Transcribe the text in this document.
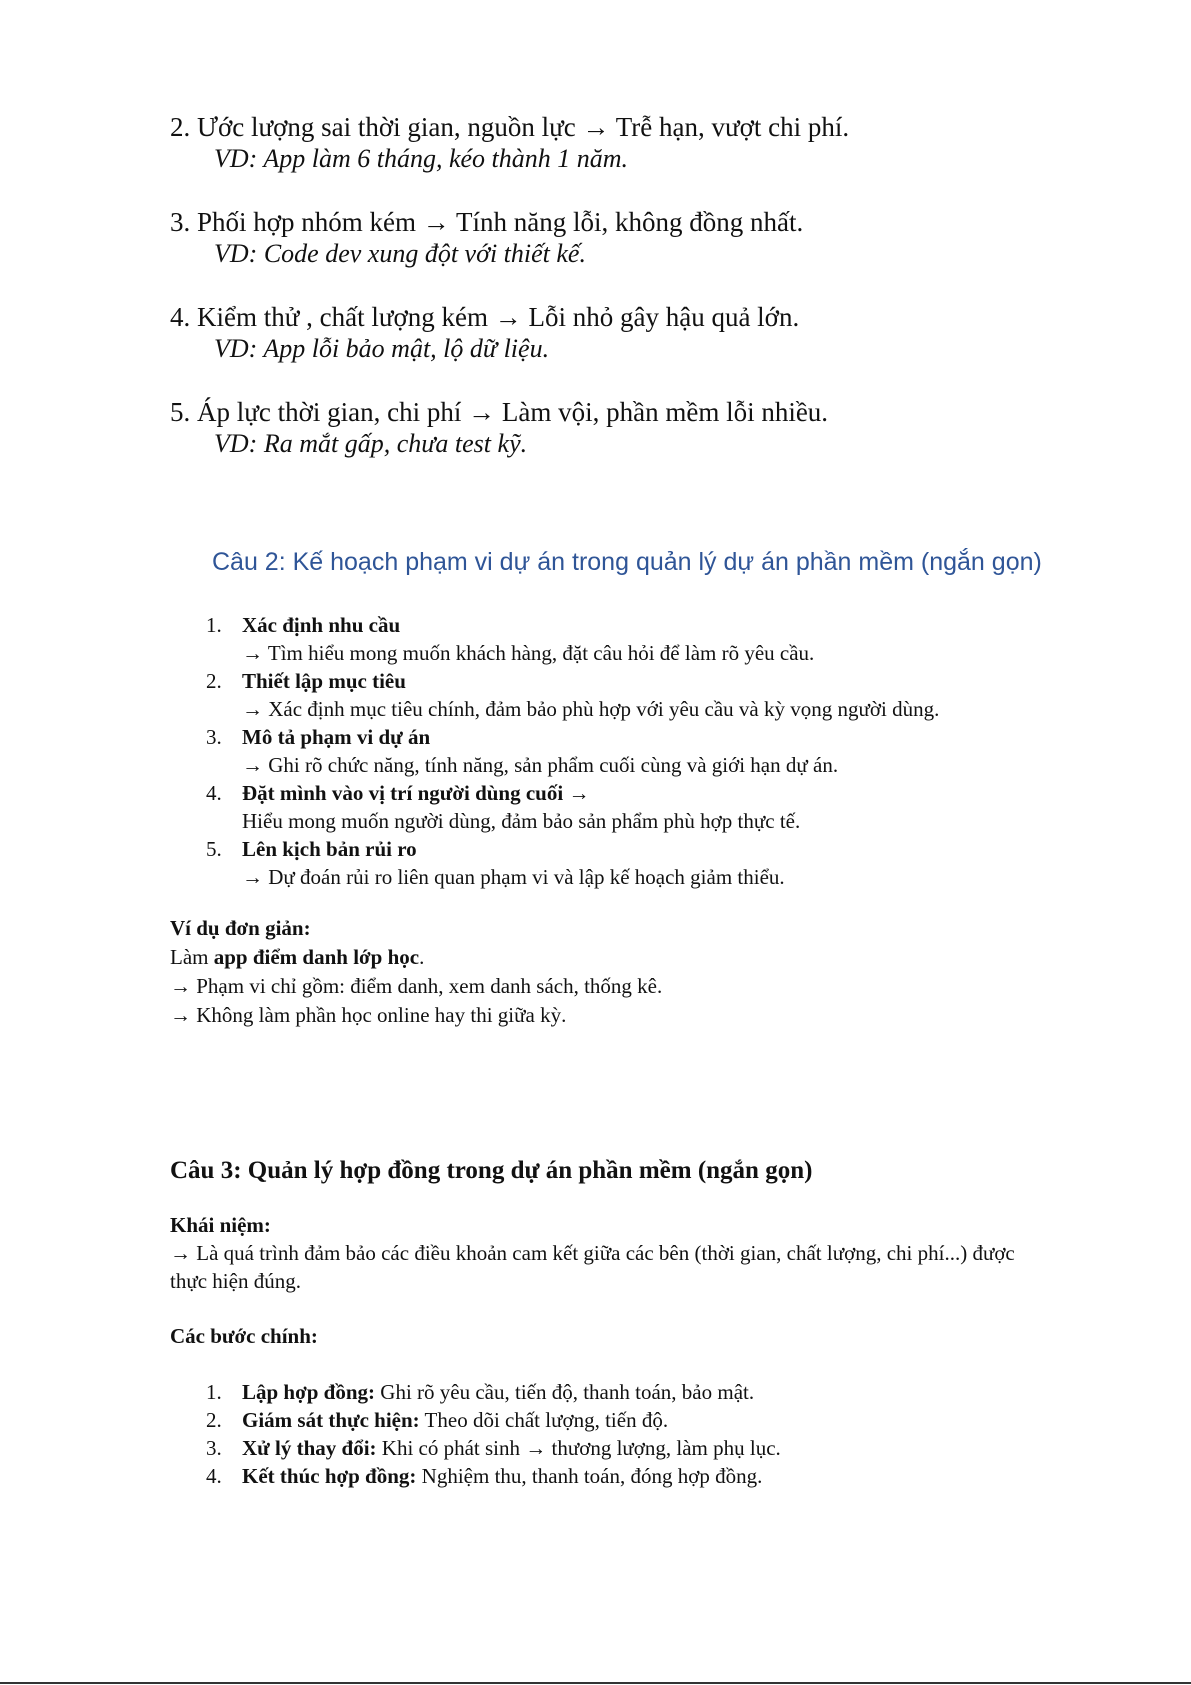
2. Ước lượng sai thời gian, nguồn lực → Trễ hạn, vượt chi phí.
VD: App làm 6 tháng, kéo thành 1 năm.
3. Phối hợp nhóm kém → Tính năng lỗi, không đồng nhất.
VD: Code dev xung đột với thiết kế.
4. Kiểm thử , chất lượng kém → Lỗi nhỏ gây hậu quả lớn.
VD: App lỗi bảo mật, lộ dữ liệu.
5. Áp lực thời gian, chi phí → Làm vội, phần mềm lỗi nhiều.
VD: Ra mắt gấp, chưa test kỹ.
Câu 2: Kế hoạch phạm vi dự án trong quản lý dự án phần mềm (ngắn gọn)
1. Xác định nhu cầu
→ Tìm hiểu mong muốn khách hàng, đặt câu hỏi để làm rõ yêu cầu.
2. Thiết lập mục tiêu
→ Xác định mục tiêu chính, đảm bảo phù hợp với yêu cầu và kỳ vọng người dùng.
3. Mô tả phạm vi dự án
→ Ghi rõ chức năng, tính năng, sản phẩm cuối cùng và giới hạn dự án.
4. Đặt mình vào vị trí người dùng cuối →
Hiểu mong muốn người dùng, đảm bảo sản phẩm phù hợp thực tế.
5. Lên kịch bản rủi ro
→ Dự đoán rủi ro liên quan phạm vi và lập kế hoạch giảm thiểu.
Ví dụ đơn giản:
Làm app điểm danh lớp học.
→ Phạm vi chỉ gồm: điểm danh, xem danh sách, thống kê.
→ Không làm phần học online hay thi giữa kỳ.
Câu 3: Quản lý hợp đồng trong dự án phần mềm (ngắn gọn)
Khái niệm:
→ Là quá trình đảm bảo các điều khoản cam kết giữa các bên (thời gian, chất lượng, chi phí...) được thực hiện đúng.
Các bước chính:
1. Lập hợp đồng: Ghi rõ yêu cầu, tiến độ, thanh toán, bảo mật.
2. Giám sát thực hiện: Theo dõi chất lượng, tiến độ.
3. Xử lý thay đổi: Khi có phát sinh → thương lượng, làm phụ lục.
4. Kết thúc hợp đồng: Nghiệm thu, thanh toán, đóng hợp đồng.
